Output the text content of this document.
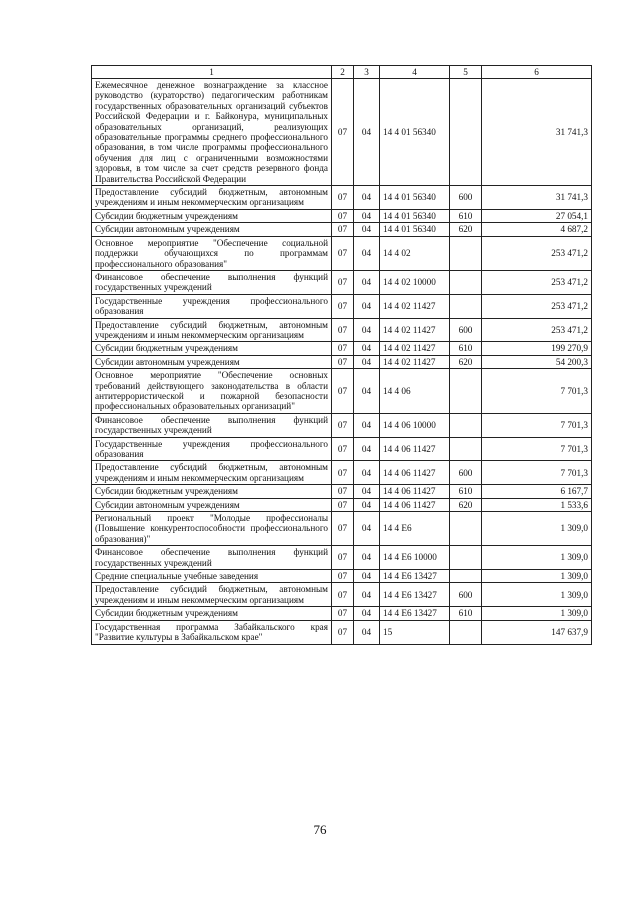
1	2	3	4	5	6
Ежемесячное денежное вознаграждение за классное руководство (кураторство) педагогическим работникам государственных образовательных организаций субъектов Российской Федерации и г. Байконура, муниципальных образовательных организаций, реализующих образовательные программы среднего профессионального образования, в том числе программы профессионального обучения для лиц с ограниченными возможностями здоровья, в том числе за счет средств резервного фонда Правительства Российской Федерации	07	04	14 4 01 56340		31 741,3
Предоставление субсидий бюджетным, автономным учреждениям и иным некоммерческим организациям	07	04	14 4 01 56340	600	31 741,3
Субсидии бюджетным учреждениям	07	04	14 4 01 56340	610	27 054,1
Субсидии автономным учреждениям	07	04	14 4 01 56340	620	4 687,2
Основное мероприятие "Обеспечение социальной поддержки обучающихся по программам профессионального образования"	07	04	14 4 02		253 471,2
Финансовое обеспечение выполнения функций государственных учреждений	07	04	14 4 02 10000		253 471,2
Государственные учреждения профессионального образования	07	04	14 4 02 11427		253 471,2
Предоставление субсидий бюджетным, автономным учреждениям и иным некоммерческим организациям	07	04	14 4 02 11427	600	253 471,2
Субсидии бюджетным учреждениям	07	04	14 4 02 11427	610	199 270,9
Субсидии автономным учреждениям	07	04	14 4 02 11427	620	54 200,3
Основное мероприятие "Обеспечение основных требований действующего законодательства в области антитеррористической и пожарной безопасности профессиональных образовательных организаций"	07	04	14 4 06		7 701,3
Финансовое обеспечение выполнения функций государственных учреждений	07	04	14 4 06 10000		7 701,3
Государственные учреждения профессионального образования	07	04	14 4 06 11427		7 701,3
Предоставление субсидий бюджетным, автономным учреждениям и иным некоммерческим организациям	07	04	14 4 06 11427	600	7 701,3
Субсидии бюджетным учреждениям	07	04	14 4 06 11427	610	6 167,7
Субсидии автономным учреждениям	07	04	14 4 06 11427	620	1 533,6
Региональный проект "Молодые профессионалы (Повышение конкурентоспособности профессионального образования)"	07	04	14 4 E6		1 309,0
Финансовое обеспечение выполнения функций государственных учреждений	07	04	14 4 E6 10000		1 309,0
Средние специальные учебные заведения	07	04	14 4 E6 13427		1 309,0
Предоставление субсидий бюджетным, автономным учреждениям и иным некоммерческим организациям	07	04	14 4 E6 13427	600	1 309,0
Субсидии бюджетным учреждениям	07	04	14 4 E6 13427	610	1 309,0
Государственная программа Забайкальского края "Развитие культуры в Забайкальском крае"	07	04	15		147 637,9
76
